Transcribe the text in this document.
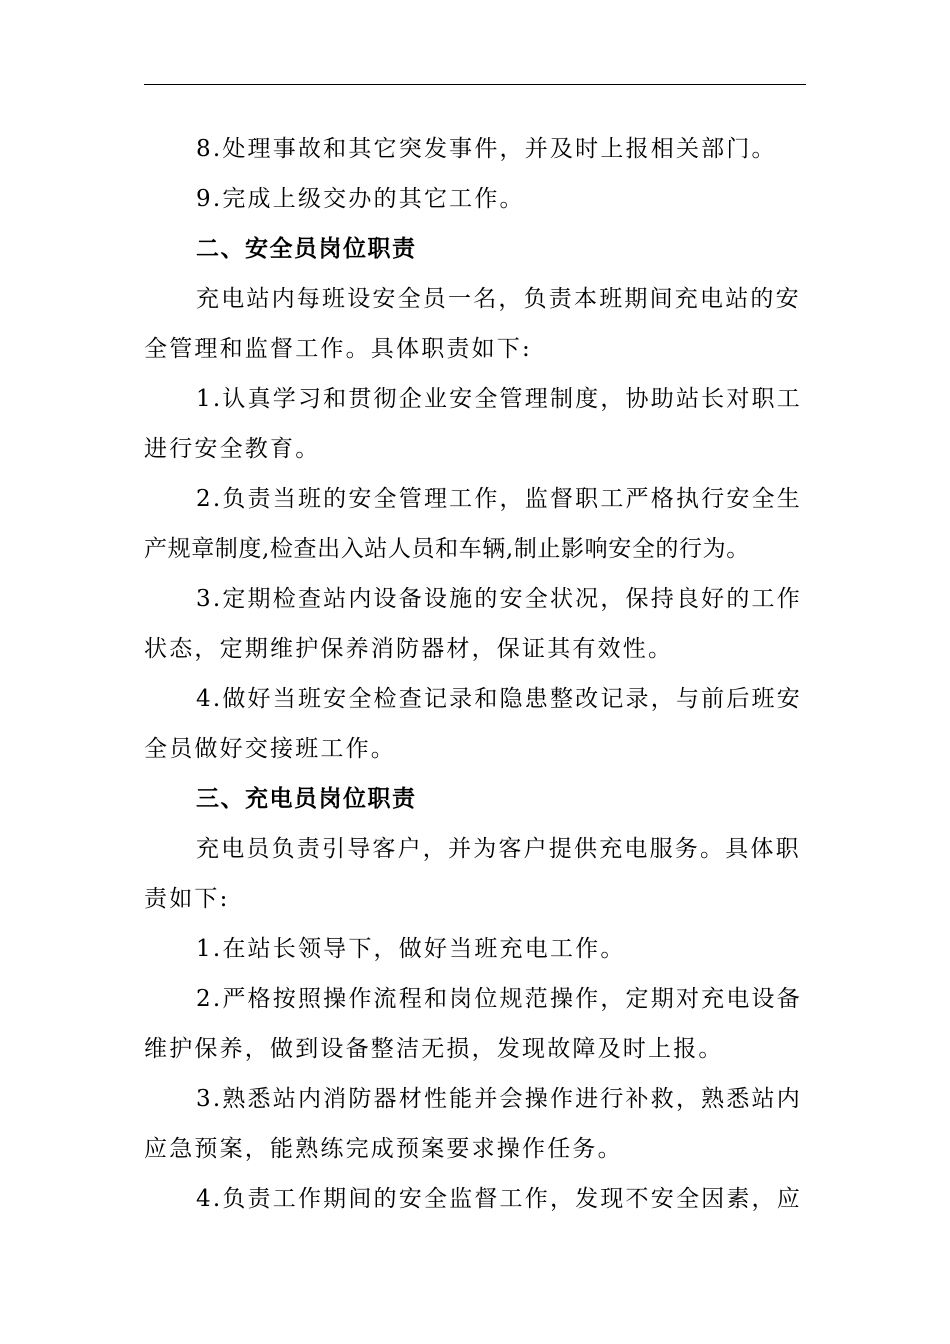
8.处理事故和其它突发事件，并及时上报相关部门。
9.完成上级交办的其它工作。
二、安全员岗位职责
充电站内每班设安全员一名，负责本班期间充电站的安
全管理和监督工作。具体职责如下:
1.认真学习和贯彻企业安全管理制度，协助站长对职工
进行安全教育。
2.负责当班的安全管理工作，监督职工严格执行安全生
产规章制度,检查出入站人员和车辆,制止影响安全的行为。
3.定期检查站内设备设施的安全状况，保持良好的工作
状态，定期维护保养消防器材，保证其有效性。
4.做好当班安全检查记录和隐患整改记录，与前后班安
全员做好交接班工作。
三、充电员岗位职责
充电员负责引导客户，并为客户提供充电服务。具体职
责如下:
1.在站长领导下，做好当班充电工作。
2.严格按照操作流程和岗位规范操作，定期对充电设备
维护保养，做到设备整洁无损，发现故障及时上报。
3.熟悉站内消防器材性能并会操作进行补救，熟悉站内
应急预案，能熟练完成预案要求操作任务。
4.负责工作期间的安全监督工作，发现不安全因素，应
